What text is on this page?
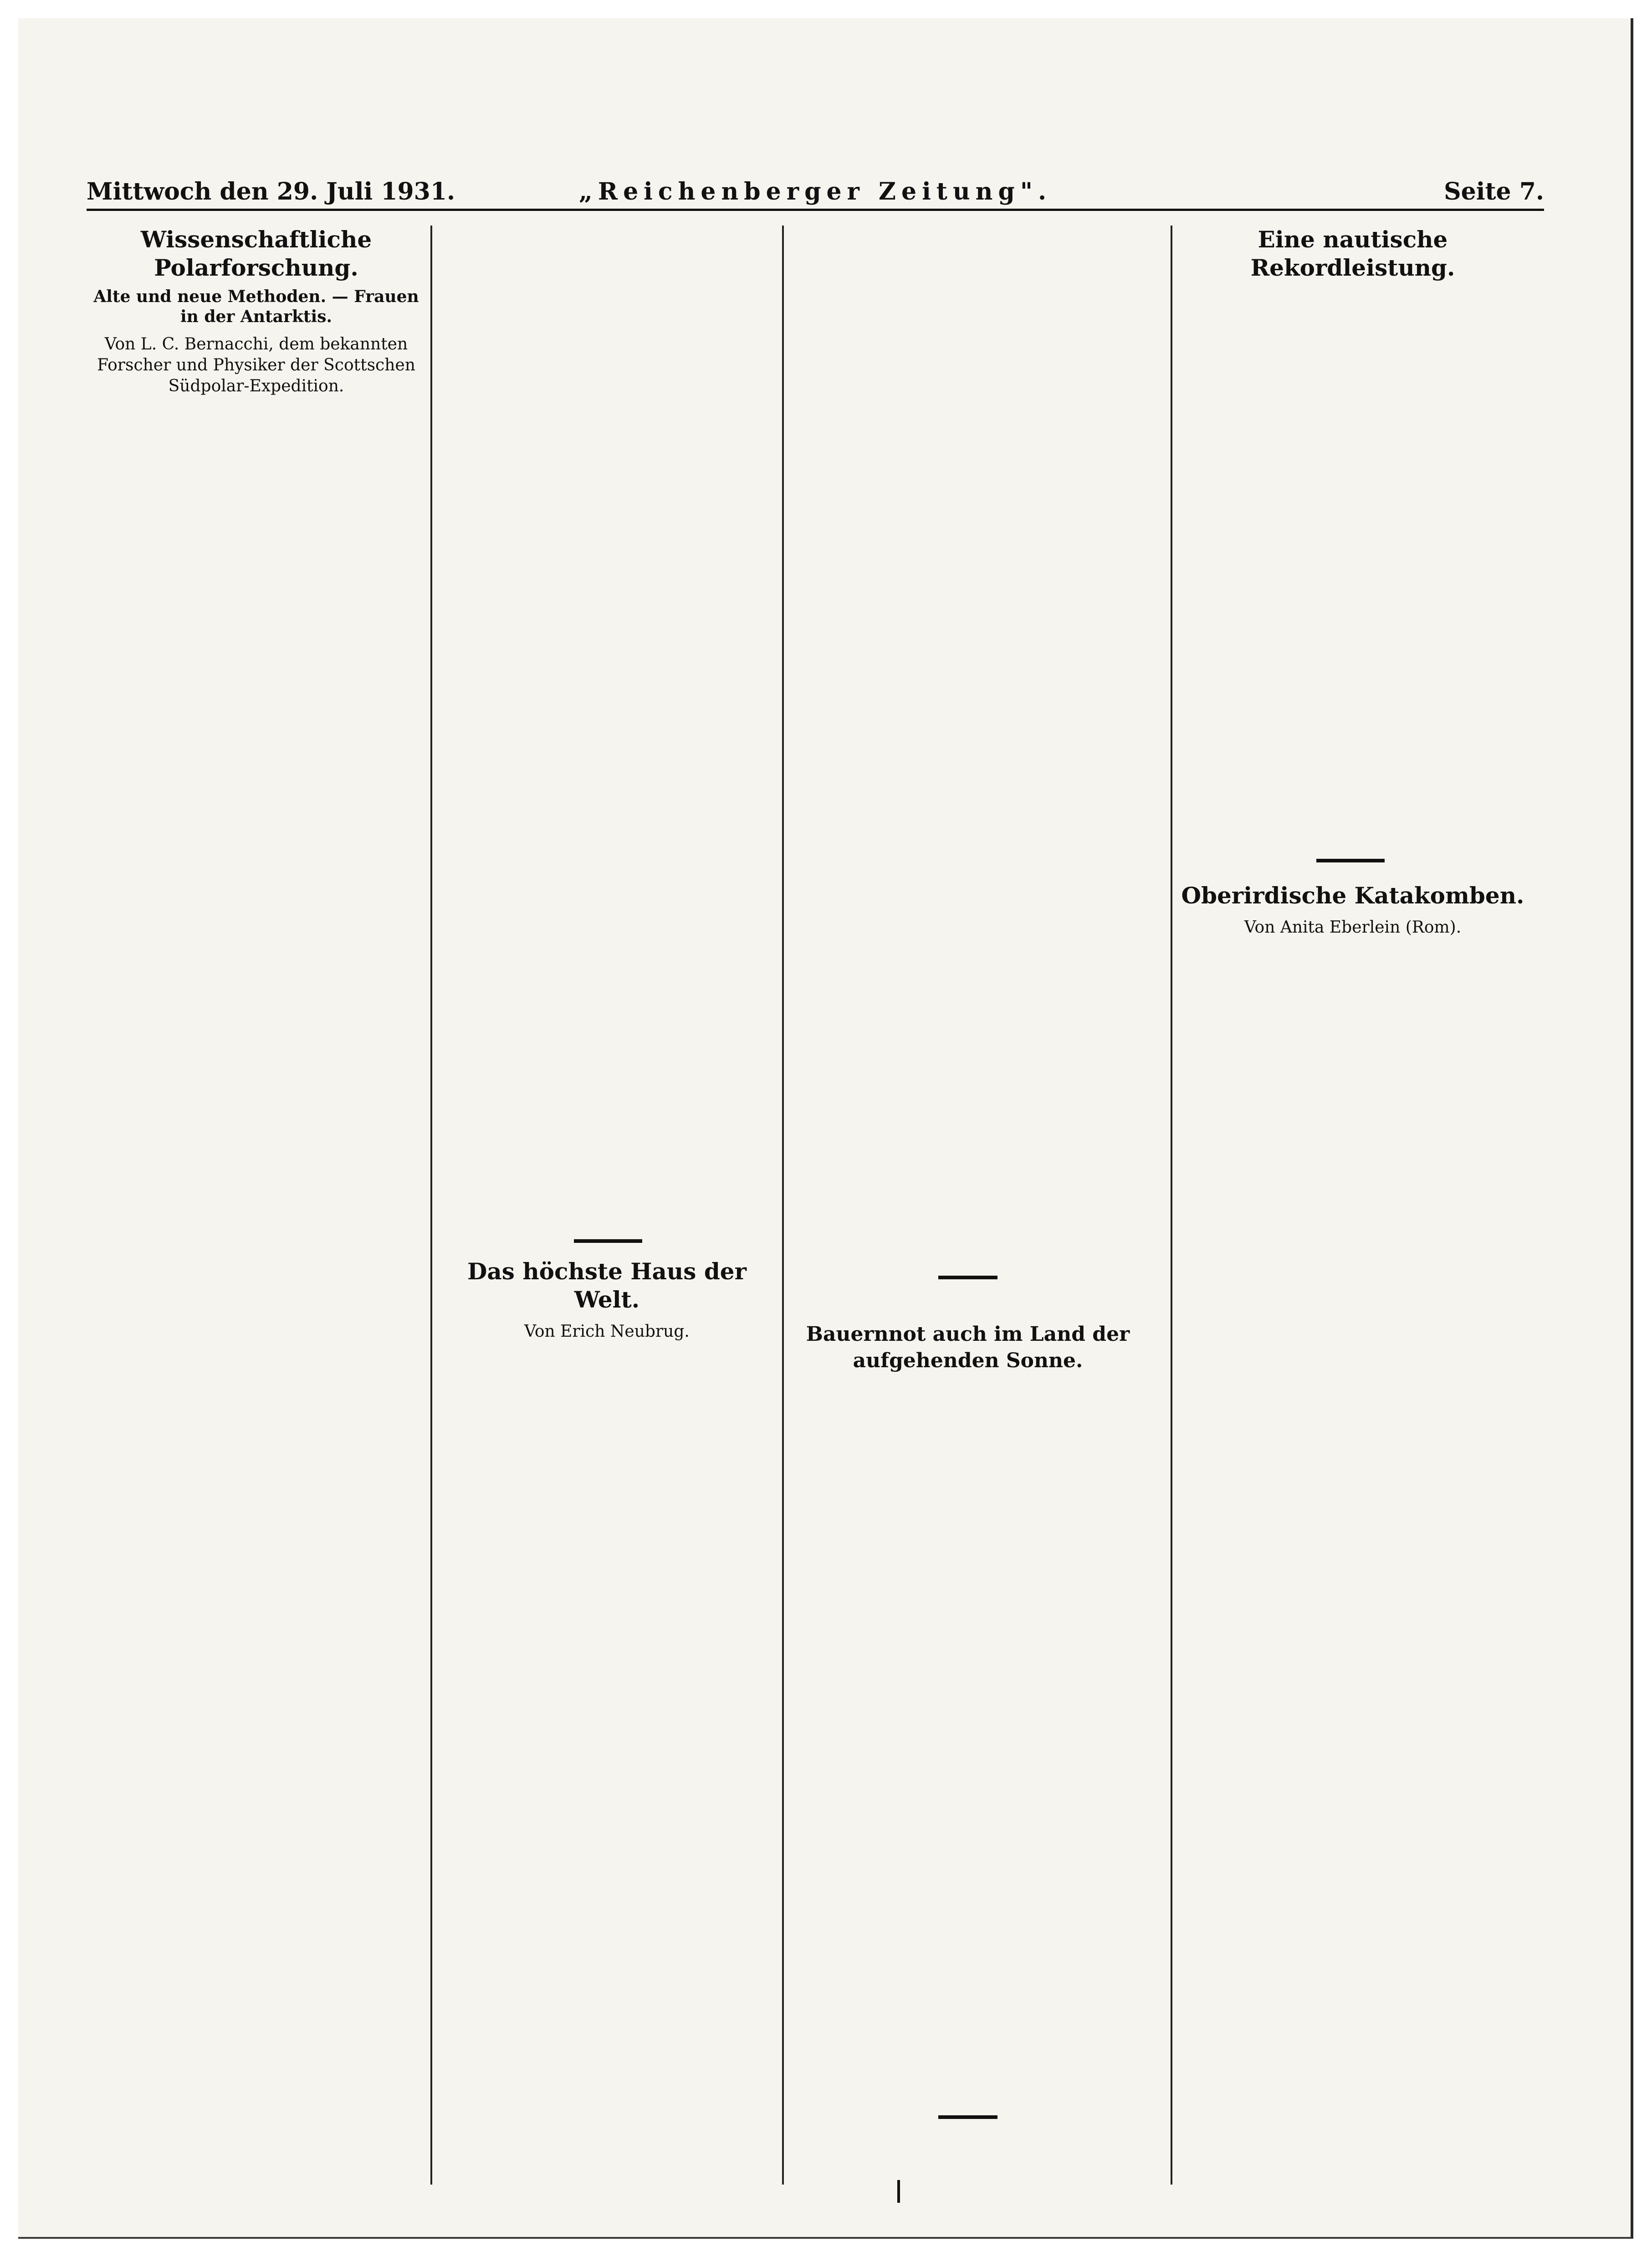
Mittwoch den 29. Juli 1931.	„Reichenberger Zeitung".	Seite 7.
Wissenschaftliche Polarforschung.

Alte und neue Methoden. — Frauen in der Antarktis.

Von L. C. Bernacchi, dem bekannten Forscher und Physiker der Scottschen Südpolar-Expedition.

Das höchste Haus der Welt.

Von Erich Neubrug.	Bauernnot auch im Land der aufgehenden Sonne.
Eine nautische Rekordleistung.
Oberirdische Katakomben.

Von Anita Eberlein (Rom).
